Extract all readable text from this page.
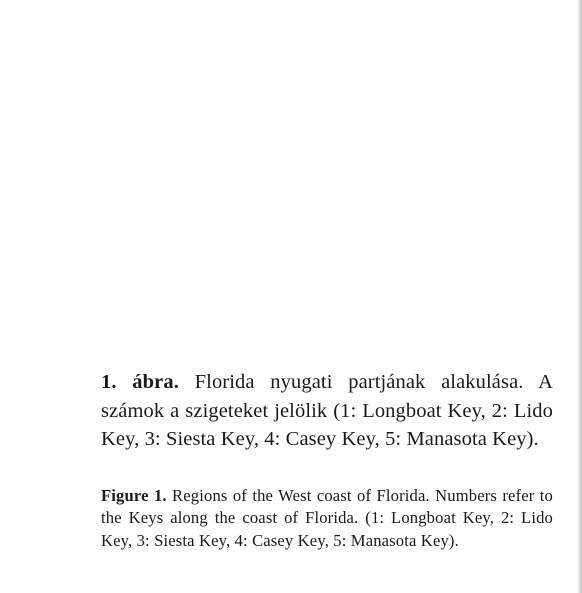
1. ábra. Florida nyugati partjának alakulása. A számok a szigeteket jelölik (1: Longboat Key, 2: Lido Key, 3: Siesta Key, 4: Casey Key, 5: Manasota Key).

Figure 1. Regions of the West coast of Florida. Numbers refer to the Keys along the coast of Florida. (1: Longboat Key, 2: Lido Key, 3: Siesta Key, 4: Casey Key, 5: Manasota Key).
